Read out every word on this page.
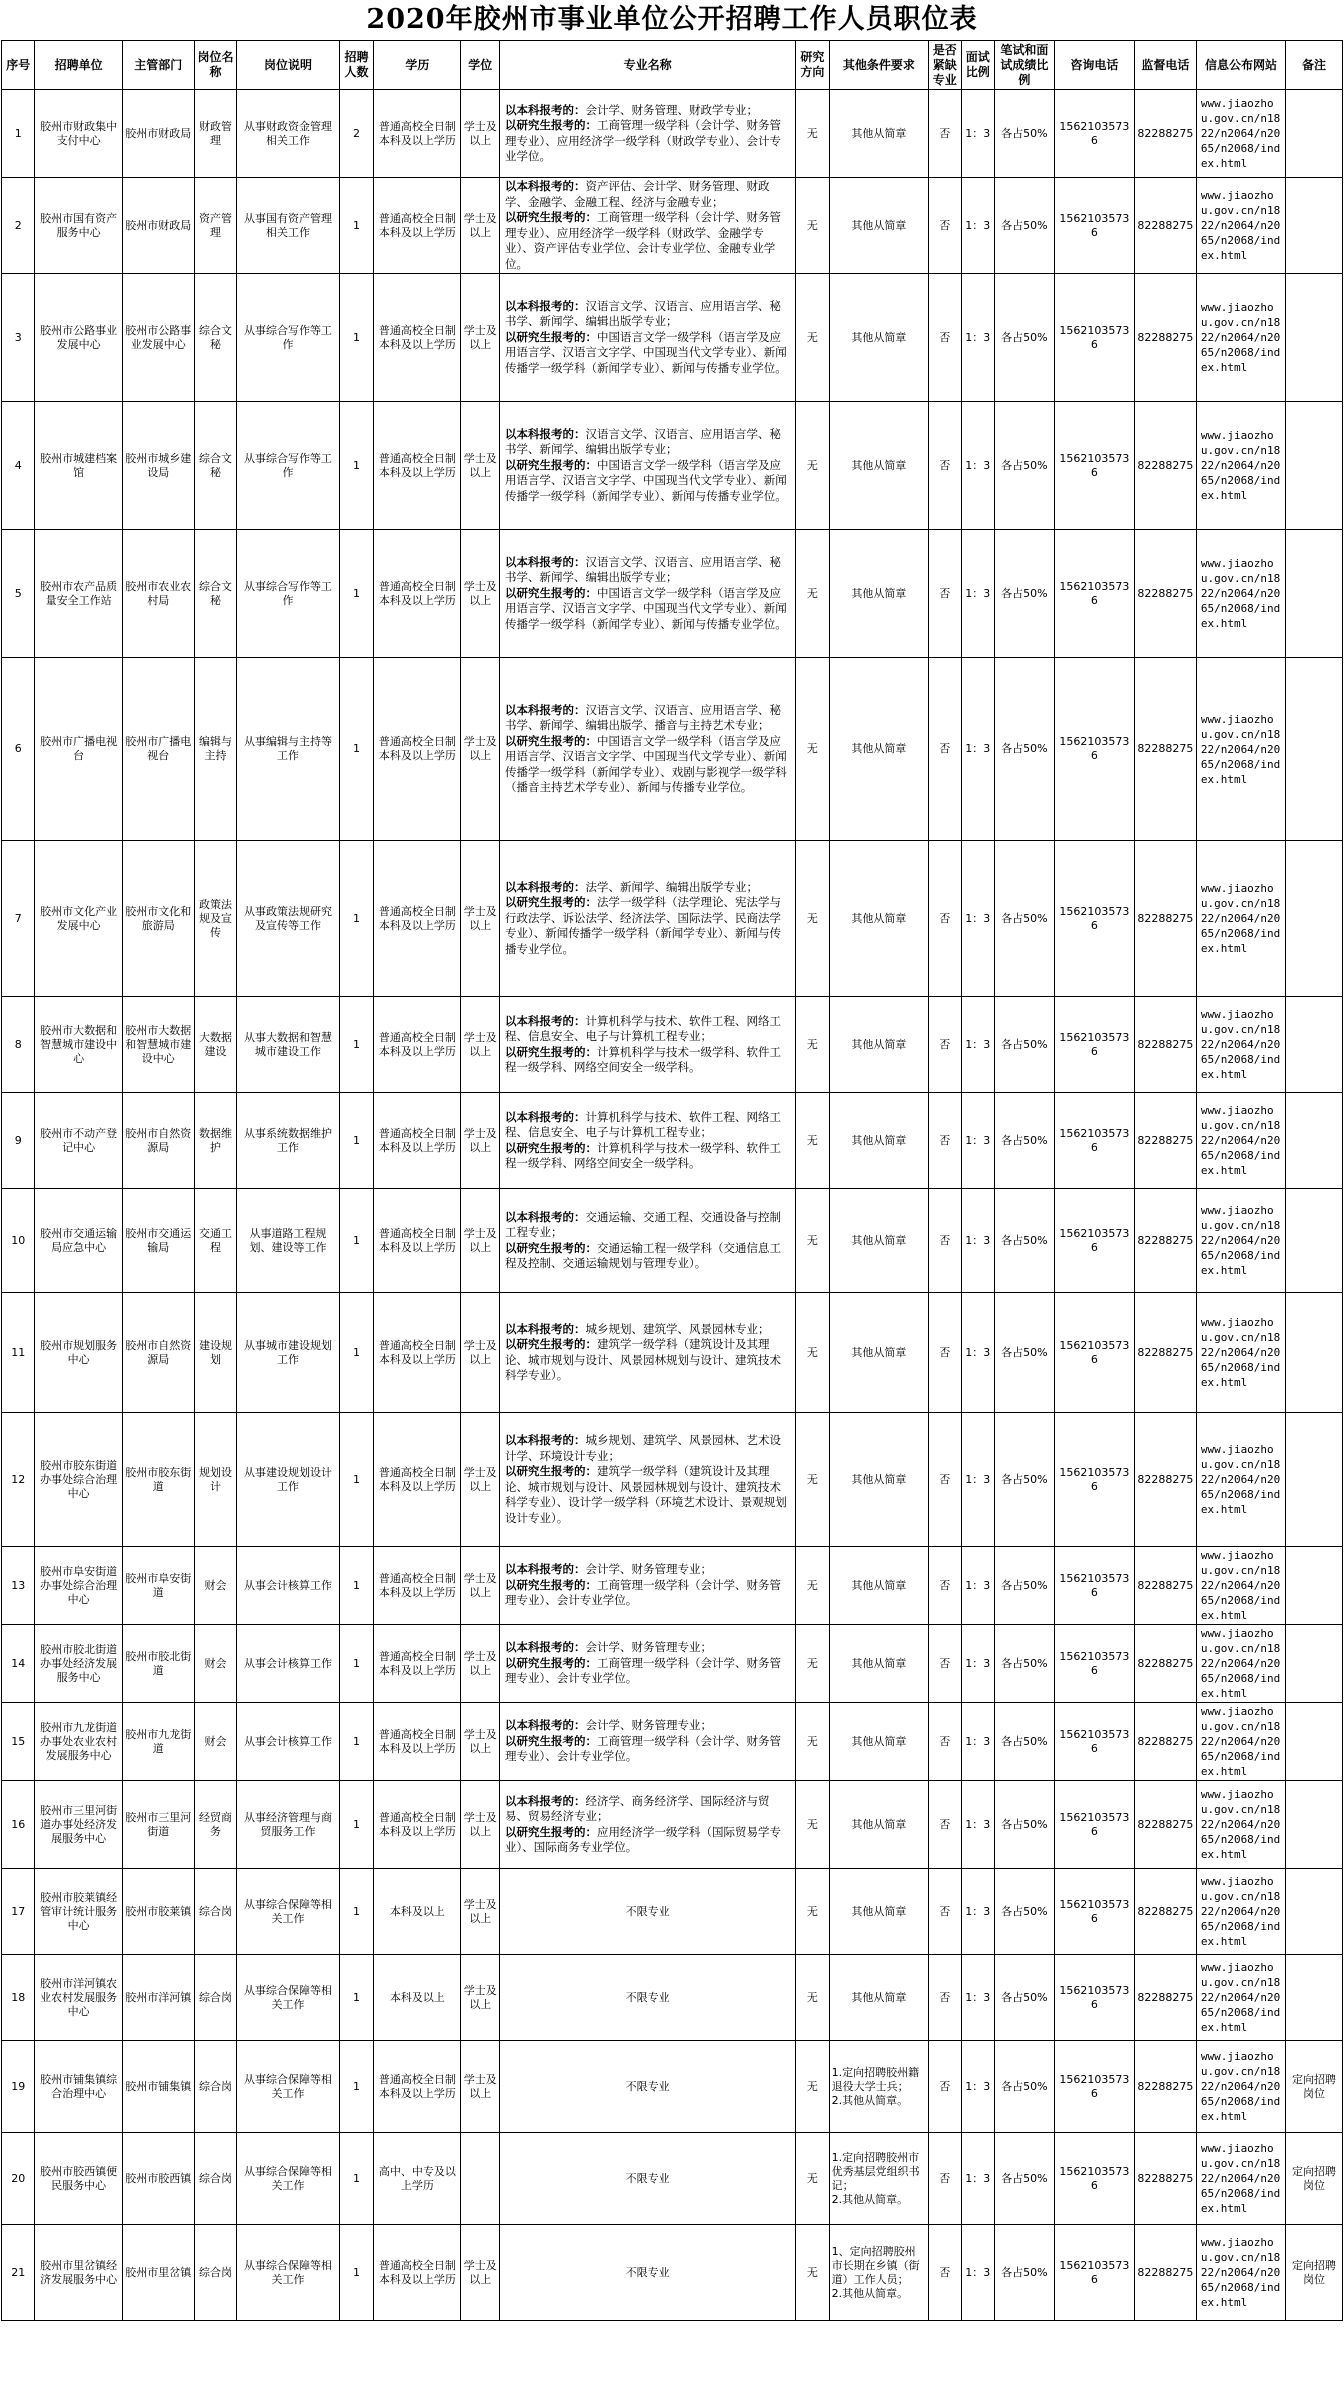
2020年胶州市事业单位公开招聘工作人员职位表
序号	招聘单位	主管部门	岗位名称	岗位说明	招聘人数	学历	学位	专业名称	研究方向	其他条件要求	是否紧缺专业	面试比例	笔试和面试成绩比例	咨询电话	监督电话	信息公布网站	备注
1	胶州市财政集中支付中心	胶州市财政局	财政管理	从事财政资金管理相关工作	2	普通高校全日制本科及以上学历	学士及以上	以本科报考的：会计学、财务管理、财政学专业；
以研究生报考的：工商管理一级学科（会计学、财务管理专业）、应用经济学一级学科（财政学专业）、会计专业学位。	无	其他从简章	否	1：3	各占50%	15621035736	82288275	www.jiaozhou.gov.cn/n1822/n2064/n2065/n2068/index.html	
2	胶州市国有资产服务中心	胶州市财政局	资产管理	从事国有资产管理相关工作	1	普通高校全日制本科及以上学历	学士及以上	以本科报考的：资产评估、会计学、财务管理、财政学、金融学、金融工程、经济与金融专业；
以研究生报考的：工商管理一级学科（会计学、财务管理专业）、应用经济学一级学科（财政学、金融学专业）、资产评估专业学位、会计专业学位、金融专业学位。	无	其他从简章	否	1：3	各占50%	15621035736	82288275	www.jiaozhou.gov.cn/n1822/n2064/n2065/n2068/index.html	
3	胶州市公路事业发展中心	胶州市公路事业发展中心	综合文秘	从事综合写作等工作	1	普通高校全日制本科及以上学历	学士及以上	以本科报考的：汉语言文学、汉语言、应用语言学、秘书学、新闻学、编辑出版学专业；
以研究生报考的：中国语言文学一级学科（语言学及应用语言学、汉语言文字学、中国现当代文学专业）、新闻传播学一级学科（新闻学专业）、新闻与传播专业学位。	无	其他从简章	否	1：3	各占50%	15621035736	82288275	www.jiaozhou.gov.cn/n1822/n2064/n2065/n2068/index.html	
4	胶州市城建档案馆	胶州市城乡建设局	综合文秘	从事综合写作等工作	1	普通高校全日制本科及以上学历	学士及以上	以本科报考的：汉语言文学、汉语言、应用语言学、秘书学、新闻学、编辑出版学专业；
以研究生报考的：中国语言文学一级学科（语言学及应用语言学、汉语言文字学、中国现当代文学专业）、新闻传播学一级学科（新闻学专业）、新闻与传播专业学位。	无	其他从简章	否	1：3	各占50%	15621035736	82288275	www.jiaozhou.gov.cn/n1822/n2064/n2065/n2068/index.html	
5	胶州市农产品质量安全工作站	胶州市农业农村局	综合文秘	从事综合写作等工作	1	普通高校全日制本科及以上学历	学士及以上	以本科报考的：汉语言文学、汉语言、应用语言学、秘书学、新闻学、编辑出版学专业；
以研究生报考的：中国语言文学一级学科（语言学及应用语言学、汉语言文字学、中国现当代文学专业）、新闻传播学一级学科（新闻学专业）、新闻与传播专业学位。	无	其他从简章	否	1：3	各占50%	15621035736	82288275	www.jiaozhou.gov.cn/n1822/n2064/n2065/n2068/index.html	
6	胶州市广播电视台	胶州市广播电视台	编辑与主持	从事编辑与主持等工作	1	普通高校全日制本科及以上学历	学士及以上	以本科报考的：汉语言文学、汉语言、应用语言学、秘书学、新闻学、编辑出版学、播音与主持艺术专业；
以研究生报考的：中国语言文学一级学科（语言学及应用语言学、汉语言文字学、中国现当代文学专业）、新闻传播学一级学科（新闻学专业）、戏剧与影视学一级学科（播音主持艺术学专业）、新闻与传播专业学位。	无	其他从简章	否	1：3	各占50%	15621035736	82288275	www.jiaozhou.gov.cn/n1822/n2064/n2065/n2068/index.html	
7	胶州市文化产业发展中心	胶州市文化和旅游局	政策法规及宣传	从事政策法规研究及宣传等工作	1	普通高校全日制本科及以上学历	学士及以上	以本科报考的：法学、新闻学、编辑出版学专业；
以研究生报考的：法学一级学科（法学理论、宪法学与行政法学、诉讼法学、经济法学、国际法学、民商法学专业）、新闻传播学一级学科（新闻学专业）、新闻与传播专业学位。	无	其他从简章	否	1：3	各占50%	15621035736	82288275	www.jiaozhou.gov.cn/n1822/n2064/n2065/n2068/index.html	
8	胶州市大数据和智慧城市建设中心	胶州市大数据和智慧城市建设中心	大数据建设	从事大数据和智慧城市建设工作	1	普通高校全日制本科及以上学历	学士及以上	以本科报考的：计算机科学与技术、软件工程、网络工程、信息安全、电子与计算机工程专业；
以研究生报考的：计算机科学与技术一级学科、软件工程一级学科、网络空间安全一级学科。	无	其他从简章	否	1：3	各占50%	15621035736	82288275	www.jiaozhou.gov.cn/n1822/n2064/n2065/n2068/index.html	
9	胶州市不动产登记中心	胶州市自然资源局	数据维护	从事系统数据维护工作	1	普通高校全日制本科及以上学历	学士及以上	以本科报考的：计算机科学与技术、软件工程、网络工程、信息安全、电子与计算机工程专业；
以研究生报考的：计算机科学与技术一级学科、软件工程一级学科、网络空间安全一级学科。	无	其他从简章	否	1：3	各占50%	15621035736	82288275	www.jiaozhou.gov.cn/n1822/n2064/n2065/n2068/index.html	
10	胶州市交通运输局应急中心	胶州市交通运输局	交通工程	从事道路工程规划、建设等工作	1	普通高校全日制本科及以上学历	学士及以上	以本科报考的：交通运输、交通工程、交通设备与控制工程专业；
以研究生报考的：交通运输工程一级学科（交通信息工程及控制、交通运输规划与管理专业）。	无	其他从简章	否	1：3	各占50%	15621035736	82288275	www.jiaozhou.gov.cn/n1822/n2064/n2065/n2068/index.html	
11	胶州市规划服务中心	胶州市自然资源局	建设规划	从事城市建设规划工作	1	普通高校全日制本科及以上学历	学士及以上	以本科报考的：城乡规划、建筑学、风景园林专业；
以研究生报考的：建筑学一级学科（建筑设计及其理论、城市规划与设计、风景园林规划与设计、建筑技术科学专业）。	无	其他从简章	否	1：3	各占50%	15621035736	82288275	www.jiaozhou.gov.cn/n1822/n2064/n2065/n2068/index.html	
12	胶州市胶东街道办事处综合治理中心	胶州市胶东街道	规划设计	从事建设规划设计工作	1	普通高校全日制本科及以上学历	学士及以上	以本科报考的：城乡规划、建筑学、风景园林、艺术设计学、环境设计专业；
以研究生报考的：建筑学一级学科（建筑设计及其理论、城市规划与设计、风景园林规划与设计、建筑技术科学专业）、设计学一级学科（环境艺术设计、景观规划设计专业）。	无	其他从简章	否	1：3	各占50%	15621035736	82288275	www.jiaozhou.gov.cn/n1822/n2064/n2065/n2068/index.html	
13	胶州市阜安街道办事处综合治理中心	胶州市阜安街道	财会	从事会计核算工作	1	普通高校全日制本科及以上学历	学士及以上	以本科报考的：会计学、财务管理专业；
以研究生报考的：工商管理一级学科（会计学、财务管理专业）、会计专业学位。	无	其他从简章	否	1：3	各占50%	15621035736	82288275	www.jiaozhou.gov.cn/n1822/n2064/n2065/n2068/index.html	
14	胶州市胶北街道办事处经济发展服务中心	胶州市胶北街道	财会	从事会计核算工作	1	普通高校全日制本科及以上学历	学士及以上	以本科报考的：会计学、财务管理专业；
以研究生报考的：工商管理一级学科（会计学、财务管理专业）、会计专业学位。	无	其他从简章	否	1：3	各占50%	15621035736	82288275	www.jiaozhou.gov.cn/n1822/n2064/n2065/n2068/index.html	
15	胶州市九龙街道办事处农业农村发展服务中心	胶州市九龙街道	财会	从事会计核算工作	1	普通高校全日制本科及以上学历	学士及以上	以本科报考的：会计学、财务管理专业；
以研究生报考的：工商管理一级学科（会计学、财务管理专业）、会计专业学位。	无	其他从简章	否	1：3	各占50%	15621035736	82288275	www.jiaozhou.gov.cn/n1822/n2064/n2065/n2068/index.html	
16	胶州市三里河街道办事处经济发展服务中心	胶州市三里河街道	经贸商务	从事经济管理与商贸服务工作	1	普通高校全日制本科及以上学历	学士及以上	以本科报考的：经济学、商务经济学、国际经济与贸易、贸易经济专业；
以研究生报考的：应用经济学一级学科（国际贸易学专业）、国际商务专业学位。	无	其他从简章	否	1：3	各占50%	15621035736	82288275	www.jiaozhou.gov.cn/n1822/n2064/n2065/n2068/index.html	
17	胶州市胶莱镇经管审计统计服务中心	胶州市胶莱镇	综合岗	从事综合保障等相关工作	1	本科及以上	学士及以上	不限专业	无	其他从简章	否	1：3	各占50%	15621035736	82288275	www.jiaozhou.gov.cn/n1822/n2064/n2065/n2068/index.html	
18	胶州市洋河镇农业农村发展服务中心	胶州市洋河镇	综合岗	从事综合保障等相关工作	1	本科及以上	学士及以上	不限专业	无	其他从简章	否	1：3	各占50%	15621035736	82288275	www.jiaozhou.gov.cn/n1822/n2064/n2065/n2068/index.html	
19	胶州市铺集镇综合治理中心	胶州市铺集镇	综合岗	从事综合保障等相关工作	1	普通高校全日制本科及以上学历	学士及以上	不限专业	无	1.定向招聘胶州籍退役大学士兵；
2.其他从简章。	否	1：3	各占50%	15621035736	82288275	www.jiaozhou.gov.cn/n1822/n2064/n2065/n2068/index.html	定向招聘岗位
20	胶州市胶西镇便民服务中心	胶州市胶西镇	综合岗	从事综合保障等相关工作	1	高中、中专及以上学历		不限专业	无	1.定向招聘胶州市优秀基层党组织书记；
2.其他从简章。	否	1：3	各占50%	15621035736	82288275	www.jiaozhou.gov.cn/n1822/n2064/n2065/n2068/index.html	定向招聘岗位
21	胶州市里岔镇经济发展服务中心	胶州市里岔镇	综合岗	从事综合保障等相关工作	1	普通高校全日制本科及以上学历	学士及以上	不限专业	无	1、定向招聘胶州市长期在乡镇（街道）工作人员；
2.其他从简章。	否	1：3	各占50%	15621035736	82288275	www.jiaozhou.gov.cn/n1822/n2064/n2065/n2068/index.html	定向招聘岗位
